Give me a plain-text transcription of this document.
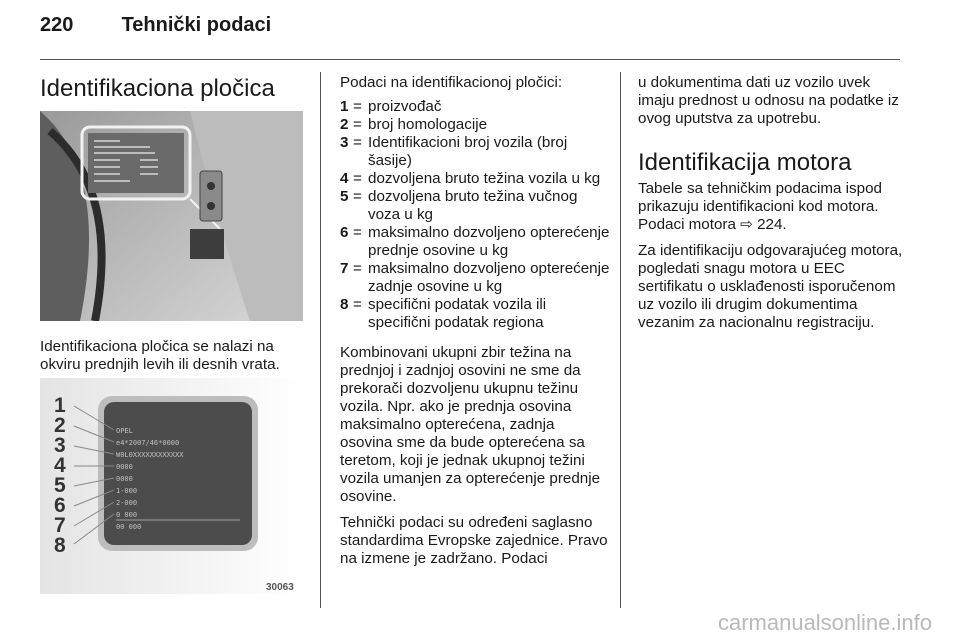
220 Tehnički podaci
Identifikaciona pločica

Identifikaciona pločica se nalazi na okviru prednjih levih ili desnih vrata.

OPEL
e4*2007/46*0000
W0L0XXXXXXXXXXXX
0000
0000
1-000
2-000
0 000
00 000
1
2
3
4
5
6
7
8
30063

Podaci na identifikacionoj pločici:

1 = proizvođač
2 = broj homologacije
3 = Identifikacioni broj vozila (broj šasije)
4 = dozvoljena bruto težina vozila u kg
5 = dozvoljena bruto težina vučnog voza u kg
6 = maksimalno dozvoljeno opterećenje prednje osovine u kg
7 = maksimalno dozvoljeno opterećenje zadnje osovine u kg
8 = specifični podatak vozila ili specifični podatak regiona

Kombinovani ukupni zbir težina na prednjoj i zadnjoj osovini ne sme da prekorači dozvoljenu ukupnu težinu vozila. Npr. ako je prednja osovina maksimalno opterećena, zadnja osovina sme da bude opterećena sa teretom, koji je jednak ukupnoj težini vozila umanjen za opterećenje prednje osovine.

Tehnički podaci su određeni saglasno standardima Evropske zajednice. Pravo na izmene je zadržano. Podaci

u dokumentima dati uz vozilo uvek imaju prednost u odnosu na podatke iz ovog uputstva za upotrebu.

Identifikacija motora

Tabele sa tehničkim podacima ispod prikazuju identifikacioni kod motora. Podaci motora ⇨ 224.

Za identifikaciju odgovarajućeg motora, pogledati snagu motora u EEC sertifikatu o usklađenosti isporučenom uz vozilo ili drugim dokumentima vezanim za nacionalnu registraciju.

carmanualsonline.info
